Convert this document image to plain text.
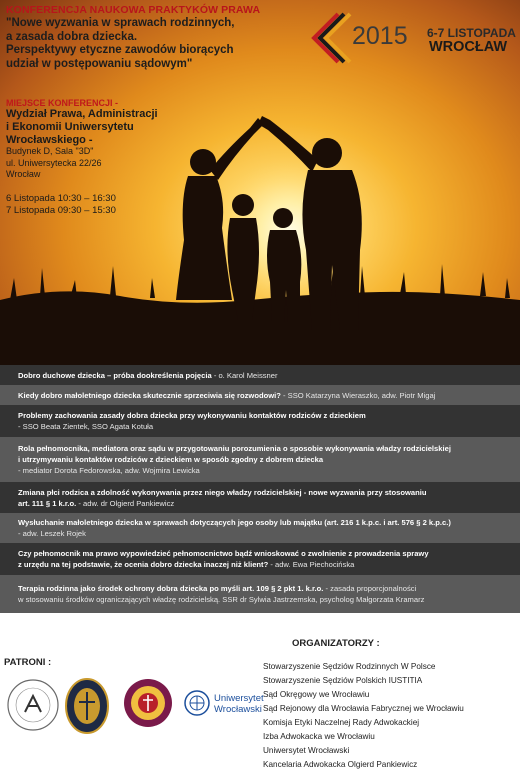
KONFERENCJA NAUKOWA PRAKTYKÓW PRAWA
"Nowe wyzwania w sprawach rodzinnych,
a zasada dobra dziecka.
Perspektywy etyczne zawodów biorących
udział w postępowaniu sądowym"
2015 6-7 LISTOPADA
WROCŁAW
MIEJSCE KONFERENCJI -
Wydział Prawa, Administracji
i Ekonomii Uniwersytetu
Wrocławskiego -
Budynek D, Sala "3D"
ul. Uniwersytecka 22/26
Wrocław
6 Listopada 10:30 – 16:30
7 Listopada 09:30 – 15:30
Dobro duchowe dziecka – próba dookreślenia pojęcia - o. Karol Meissner
Kiedy dobro małoletniego dziecka skutecznie sprzeciwia się rozwodowi? - SSO Katarzyna Wieraszko, adw. Piotr Migaj
Problemy zachowania zasady dobra dziecka przy wykonywaniu kontaktów rodziców z dzieckiem
- SSO Beata Zientek, SSO Agata Kotuła
Rola pełnomocnika, mediatora oraz sądu w przygotowaniu porozumienia o sposobie wykonywania władzy rodzicielskiej
i utrzymywaniu kontaktów rodziców z dzieckiem w sposób zgodny z dobrem dziecka
- mediator Dorota Fedorowska, adw. Wojmira Lewicka
Zmiana płci rodzica a zdolność wykonywania przez niego władzy rodzicielskiej - nowe wyzwania przy stosowaniu
art. 111 § 1 k.r.o. - adw. dr Olgierd Pankiewicz
Wysłuchanie małoletniego dziecka w sprawach dotyczących jego osoby lub majątku (art. 216 1 k.p.c. i art. 576 § 2 k.p.c.)
- adw. Leszek Rojek
Czy pełnomocnik ma prawo wypowiedzieć pełnomocnictwo bądź wnioskować o zwolnienie z prowadzenia sprawy
z urzędu na tej podstawie, że ocenia dobro dziecka inaczej niż klient? - adw. Ewa Piechocińska
Terapia rodzinna jako środek ochrony dobra dziecka po myśli art. 109 § 2 pkt 1. k.r.o. - zasada proporcjonalności
w stosowaniu środków ograniczających władzę rodzicielską. SSR dr Sylwia Jastrzemska, psycholog Małgorzata Kramarz
PATRONI :
Uniwersytet
Wrocławski
ORGANIZATORZY :
Stowarzyszenie Sędziów Rodzinnych W Polsce
Stowarzyszenie Sędziów Polskich IUSTITIA
Sąd Okręgowy we Wrocławiu
Sąd Rejonowy dla Wrocławia Fabrycznej we Wrocławiu
Komisja Etyki Naczelnej Rady Adwokackiej
Izba Adwokacka we Wrocławiu
Uniwersytet Wrocławski
Kancelaria Adwokacka Olgierd Pankiewicz
